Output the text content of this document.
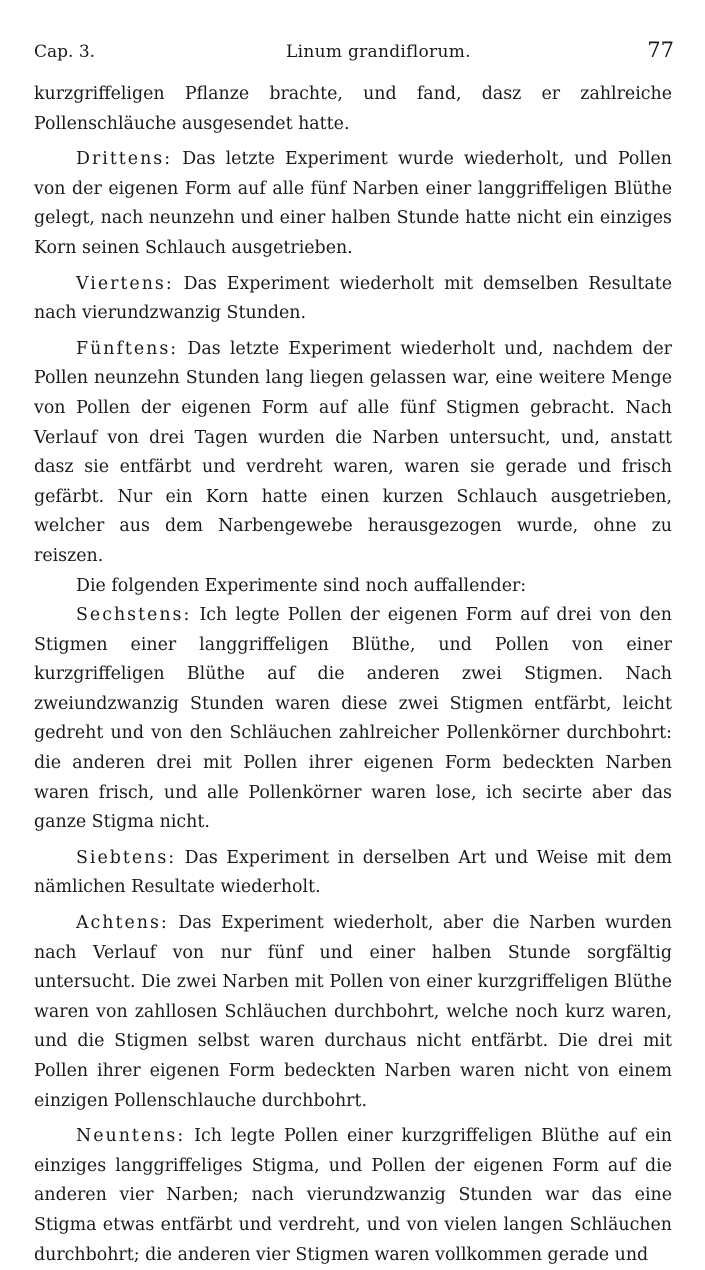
Cap. 3.	Linum grandiflorum.	77

kurzgriffeligen Pflanze brachte, und fand, dasz er zahlreiche Pollenschläuche ausgesendet hatte.

Drittens: Das letzte Experiment wurde wiederholt, und Pollen von der eigenen Form auf alle fünf Narben einer langgriffeligen Blüthe gelegt, nach neunzehn und einer halben Stunde hatte nicht ein einziges Korn seinen Schlauch ausgetrieben.

Viertens: Das Experiment wiederholt mit demselben Resultate nach vierundzwanzig Stunden.

Fünftens: Das letzte Experiment wiederholt und, nachdem der Pollen neunzehn Stunden lang liegen gelassen war, eine weitere Menge von Pollen der eigenen Form auf alle fünf Stigmen gebracht. Nach Verlauf von drei Tagen wurden die Narben untersucht, und, anstatt dasz sie entfärbt und verdreht waren, waren sie gerade und frisch gefärbt. Nur ein Korn hatte einen kurzen Schlauch ausgetrieben, welcher aus dem Narbengewebe herausgezogen wurde, ohne zu reiszen.

Die folgenden Experimente sind noch auffallender:

Sechstens: Ich legte Pollen der eigenen Form auf drei von den Stigmen einer langgriffeligen Blüthe, und Pollen von einer kurzgriffeligen Blüthe auf die anderen zwei Stigmen. Nach zweiundzwanzig Stunden waren diese zwei Stigmen entfärbt, leicht gedreht und von den Schläuchen zahlreicher Pollenkörner durchbohrt: die anderen drei mit Pollen ihrer eigenen Form bedeckten Narben waren frisch, und alle Pollenkörner waren lose, ich secirte aber das ganze Stigma nicht.

Siebtens: Das Experiment in derselben Art und Weise mit dem nämlichen Resultate wiederholt.

Achtens: Das Experiment wiederholt, aber die Narben wurden nach Verlauf von nur fünf und einer halben Stunde sorgfältig untersucht. Die zwei Narben mit Pollen von einer kurzgriffeligen Blüthe waren von zahllosen Schläuchen durchbohrt, welche noch kurz waren, und die Stigmen selbst waren durchaus nicht entfärbt. Die drei mit Pollen ihrer eigenen Form bedeckten Narben waren nicht von einem einzigen Pollenschlauche durchbohrt.

Neuntens: Ich legte Pollen einer kurzgriffeligen Blüthe auf ein einziges langgriffeliges Stigma, und Pollen der eigenen Form auf die anderen vier Narben; nach vierundzwanzig Stunden war das eine Stigma etwas entfärbt und verdreht, und von vielen langen Schläuchen durchbohrt; die anderen vier Stigmen waren vollkommen gerade und
